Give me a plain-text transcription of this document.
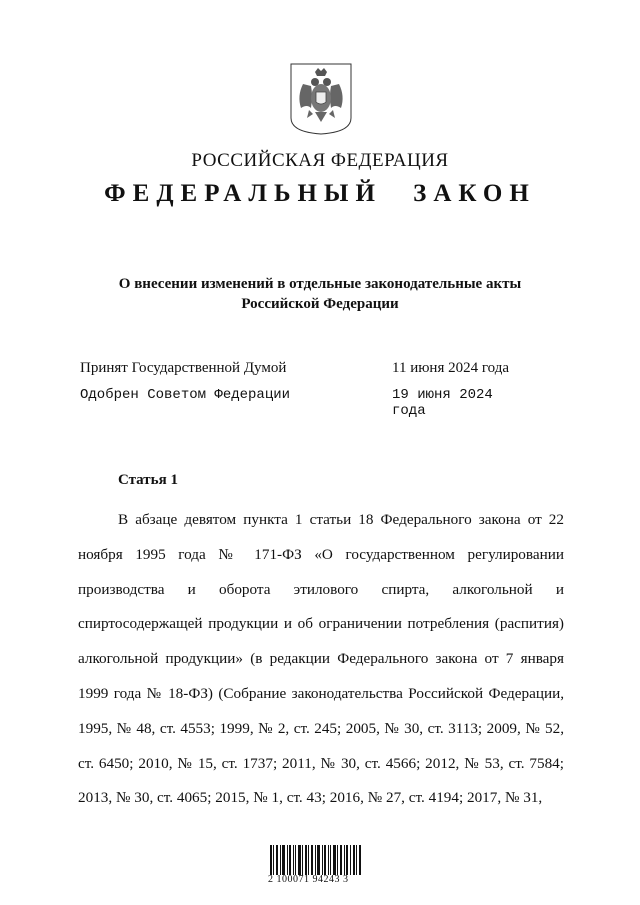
РОССИЙСКАЯ ФЕДЕРАЦИЯ
ФЕДЕРАЛЬНЫЙ ЗАКОН
О внесении изменений в отдельные законодательные акты
Российской Федерации
Принят Государственной Думой	11 июня 2024 года
Одобрен Советом Федерации	19 июня 2024 года
Статья 1

В абзаце девятом пункта 1 статьи 18 Федерального закона от 22 ноября 1995 года № 171-ФЗ «О государственном регулировании производства и оборота этилового спирта, алкогольной и спиртосодержащей продукции и об ограничении потребления (распития) алкогольной продукции» (в редакции Федерального закона от 7 января 1999 года № 18-ФЗ) (Собрание законодательства Российской Федерации, 1995, № 48, ст. 4553; 1999, № 2, ст. 245; 2005, № 30, ст. 3113; 2009, № 52, ст. 6450; 2010, № 15, ст. 1737; 2011, № 30, ст. 4566; 2012, № 53, ст. 7584; 2013, № 30, ст. 4065; 2015, № 1, ст. 43; 2016, № 27, ст. 4194; 2017, № 31,

2 100071 94243 3
